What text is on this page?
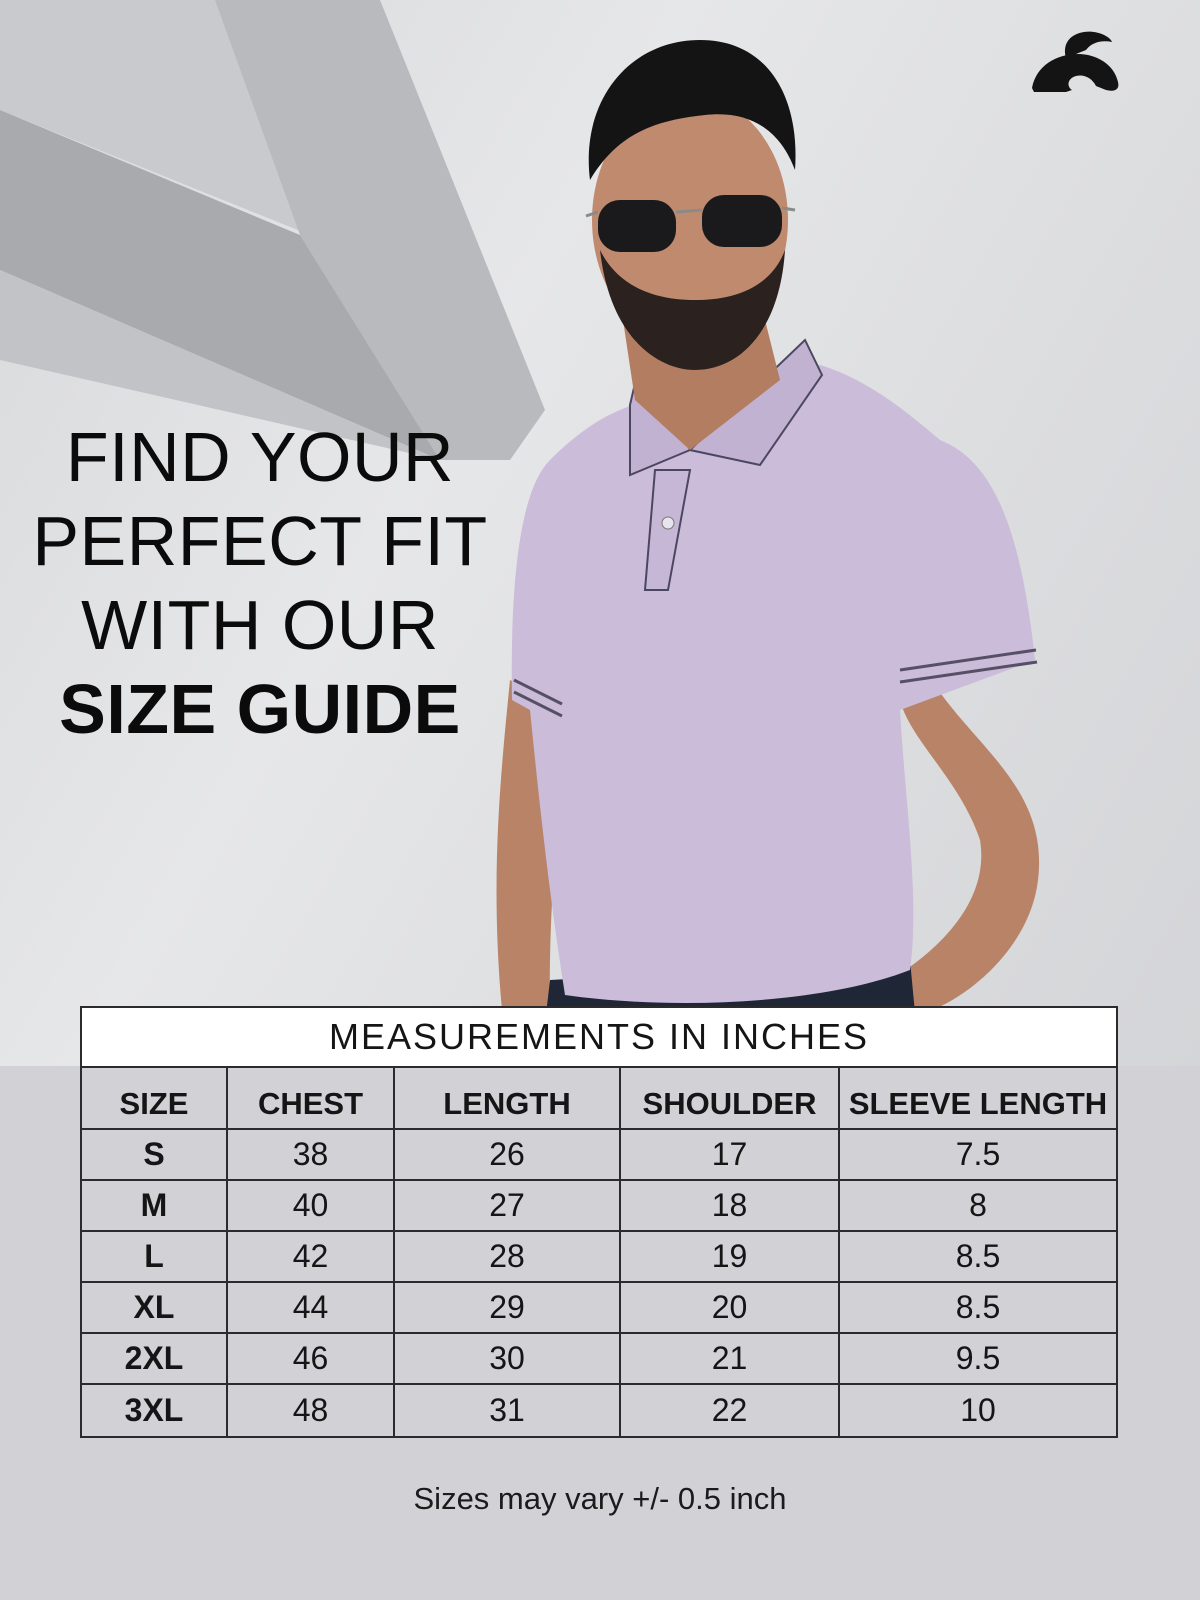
FIND YOUR
PERFECT FIT
WITH OUR
SIZE GUIDE
MEASUREMENTS IN INCHES
SIZE	CHEST	LENGTH	SHOULDER	SLEEVE LENGTH
S	38	26	17	7.5
M	40	27	18	8
L	42	28	19	8.5
XL	44	29	20	8.5
2XL	46	30	21	9.5
3XL	48	31	22	10
Sizes may vary +/- 0.5 inch
